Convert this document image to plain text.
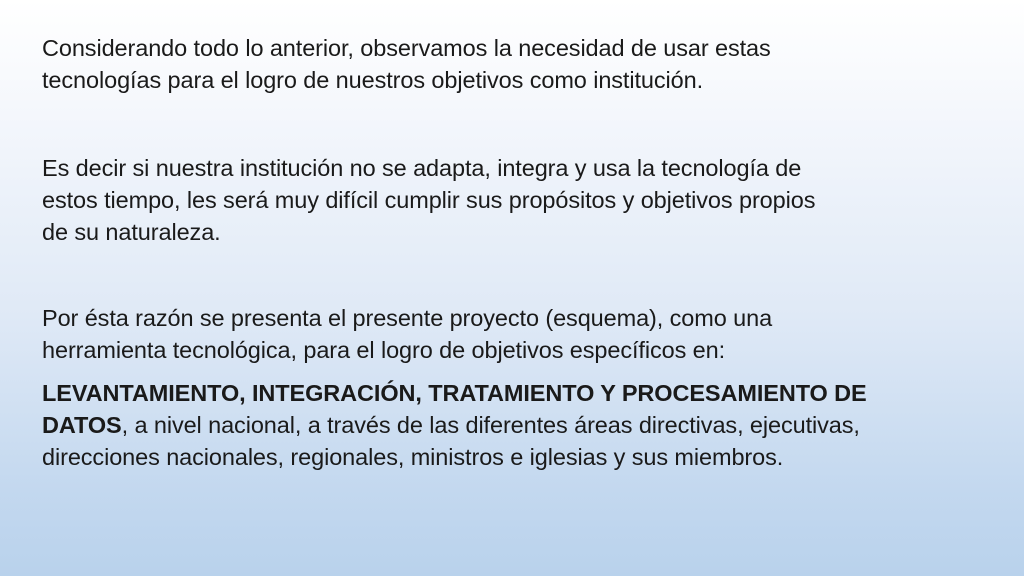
Considerando todo lo anterior, observamos la necesidad de usar estas
tecnologías para el logro de nuestros objetivos como institución.

Es decir si nuestra institución no se adapta, integra y usa la tecnología de
estos tiempo, les será muy difícil cumplir sus propósitos y objetivos propios
de su naturaleza.

Por ésta razón se presenta el presente proyecto (esquema), como una
herramienta tecnológica, para el logro de objetivos específicos en:

LEVANTAMIENTO, INTEGRACIÓN, TRATAMIENTO Y PROCESAMIENTO DE
DATOS, a nivel nacional, a través de las diferentes áreas directivas, ejecutivas,
direcciones nacionales, regionales, ministros e iglesias y sus miembros.
